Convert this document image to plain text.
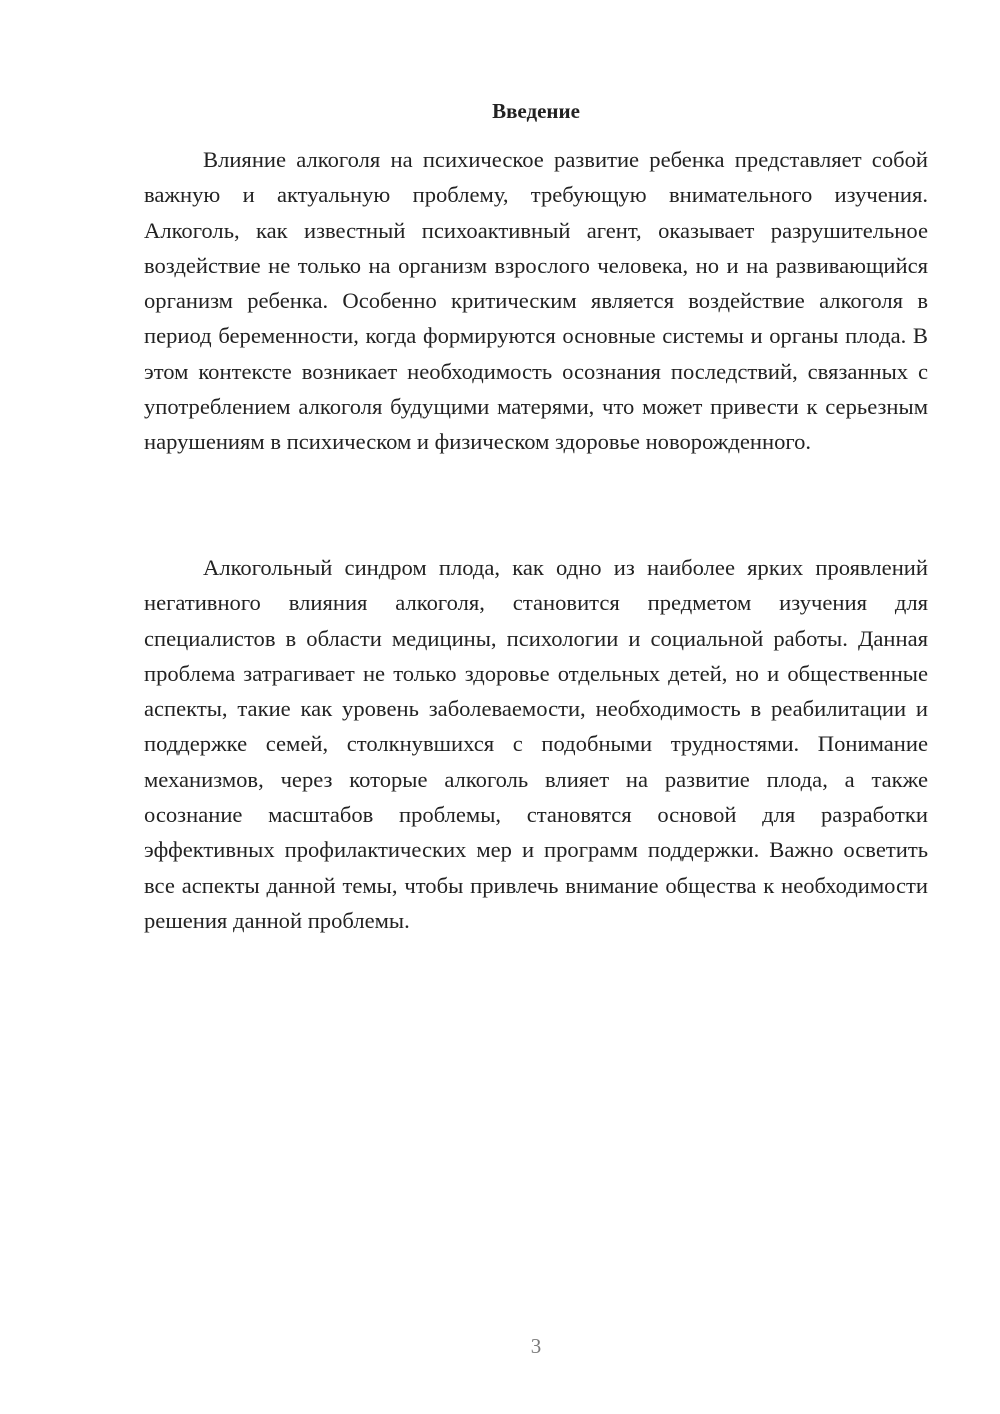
Введение

Влияние алкоголя на психическое развитие ребенка представляет собой важную и актуальную проблему, требующую внимательного изучения. Алкоголь, как известный психоактивный агент, оказывает разрушительное воздействие не только на организм взрослого человека, но и на развивающийся организм ребенка. Особенно критическим является воздействие алкоголя в период беременности, когда формируются основные системы и органы плода. В этом контексте возникает необходимость осознания последствий, связанных с употреблением алкоголя будущими матерями, что может привести к серьезным нарушениям в психическом и физическом здоровье новорожденного.

Алкогольный синдром плода, как одно из наиболее ярких проявлений негативного влияния алкоголя, становится предметом изучения для специалистов в области медицины, психологии и социальной работы. Данная проблема затрагивает не только здоровье отдельных детей, но и общественные аспекты, такие как уровень заболеваемости, необходимость в реабилитации и поддержке семей, столкнувшихся с подобными трудностями. Понимание механизмов, через которые алкоголь влияет на развитие плода, а также осознание масштабов проблемы, становятся основой для разработки эффективных профилактических мер и программ поддержки. Важно осветить все аспекты данной темы, чтобы привлечь внимание общества к необходимости решения данной проблемы.

3
